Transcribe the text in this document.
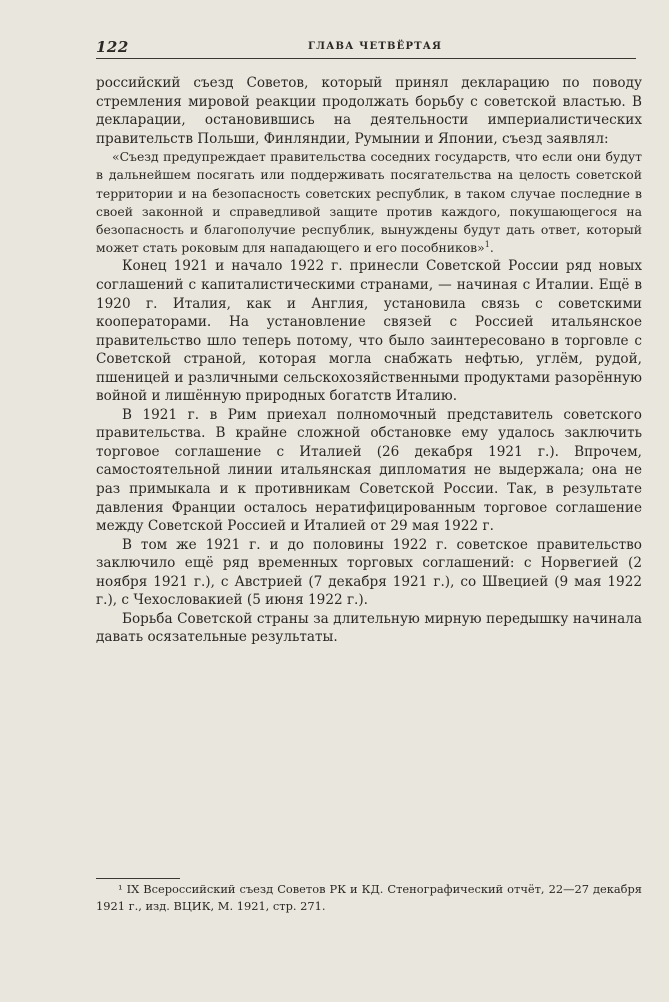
122	ГЛАВА ЧЕТВЁРТАЯ

российский съезд Советов, который принял декларацию по поводу стремления мировой реакции продолжать борьбу с советской властью. В декларации, остановившись на деятельности империалистических правительств Польши, Финляндии, Румынии и Японии, съезд заявлял:

«Съезд предупреждает правительства соседних государств, что если они будут в дальнейшем посягать или поддерживать посягательства на целость советской территории и на безопасность советских республик, в таком случае последние в своей законной и справедливой защите против каждого, покушающегося на безопасность и благополучие республик, вынуждены будут дать ответ, который может стать роковым для нападающего и его пособников»$^1$.

Конец 1921 и начало 1922 г. принесли Советской России ряд новых соглашений с капиталистическими странами, — начиная с Италии. Ещё в 1920 г. Италия, как и Англия, установила связь с советскими кооператорами. На установление связей с Россией итальянское правительство шло теперь потому, что было заинтересовано в торговле с Советской страной, которая могла снабжать нефтью, углём, рудой, пшеницей и различными сельскохозяйственными продуктами разорённую войной и лишённую природных богатств Италию.

В 1921 г. в Рим приехал полномочный представитель советского правительства. В крайне сложной обстановке ему удалось заключить торговое соглашение с Италией (26 декабря 1921 г.). Впрочем, самостоятельной линии итальянская дипломатия не выдержала; она не раз примыкала и к противникам Советской России. Так, в результате давления Франции осталось нератифицированным торговое соглашение между Советской Россией и Италией от 29 мая 1922 г.

В том же 1921 г. и до половины 1922 г. советское правительство заключило ещё ряд временных торговых соглашений: с Норвегией (2 ноября 1921 г.), с Австрией (7 декабря 1921 г.), со Швецией (9 мая 1922 г.), с Чехословакией (5 июня 1922 г.).

Борьба Советской страны за длительную мирную передышку начинала давать осязательные результаты.

¹ IX Всероссийский съезд Советов РК и КД. Стенографический отчёт, 22—27 декабря 1921 г., изд. ВЦИК, М. 1921, стр. 271.
